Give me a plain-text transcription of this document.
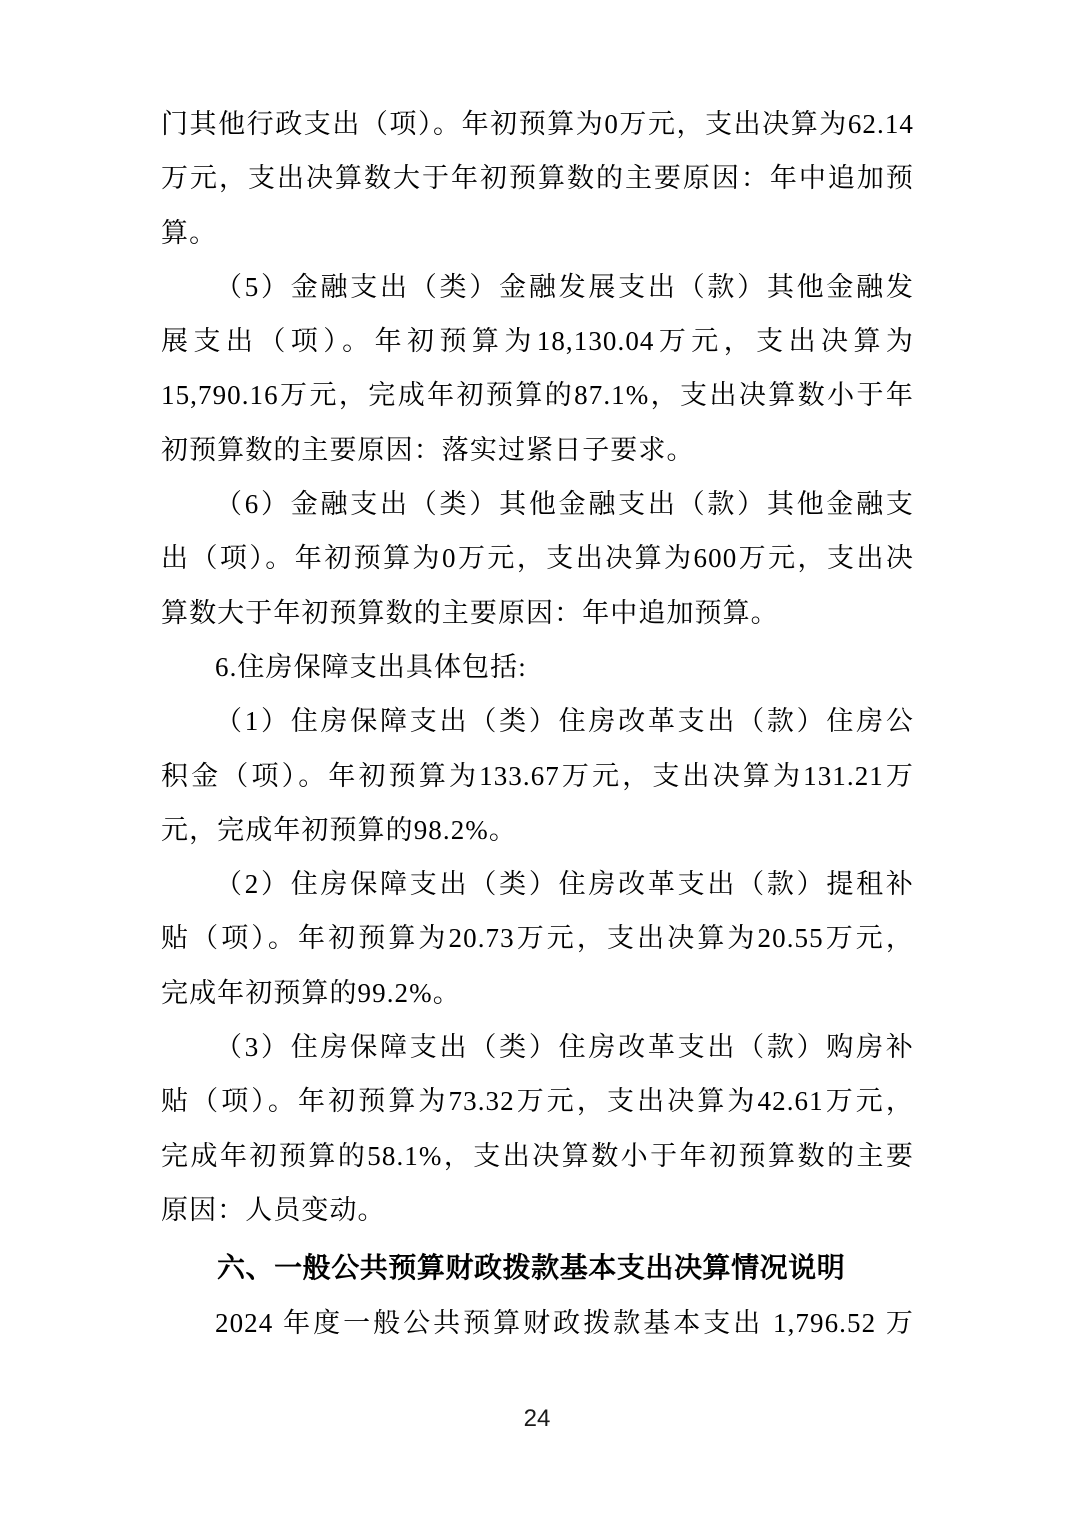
门其他行政支出（项）。年初预算为0万元，支出决算为62.14
万元，支出决算数大于年初预算数的主要原因：年中追加预
算。
（5）金融支出（类）金融发展支出（款）其他金融发
展支出（项）。年初预算为18,130.04万元，支出决算为
15,790.16万元，完成年初预算的87.1%，支出决算数小于年
初预算数的主要原因：落实过紧日子要求。
（6）金融支出（类）其他金融支出（款）其他金融支
出（项）。年初预算为0万元，支出决算为600万元，支出决
算数大于年初预算数的主要原因：年中追加预算。
6.住房保障支出具体包括:
（1）住房保障支出（类）住房改革支出（款）住房公
积金（项）。年初预算为133.67万元，支出决算为131.21万
元，完成年初预算的98.2%。
（2）住房保障支出（类）住房改革支出（款）提租补
贴（项）。年初预算为20.73万元，支出决算为20.55万元，
完成年初预算的99.2%。
（3）住房保障支出（类）住房改革支出（款）购房补
贴（项）。年初预算为73.32万元，支出决算为42.61万元，
完成年初预算的58.1%，支出决算数小于年初预算数的主要
原因：人员变动。
六、一般公共预算财政拨款基本支出决算情况说明
2024 年度一般公共预算财政拨款基本支出 1,796.52 万
24
